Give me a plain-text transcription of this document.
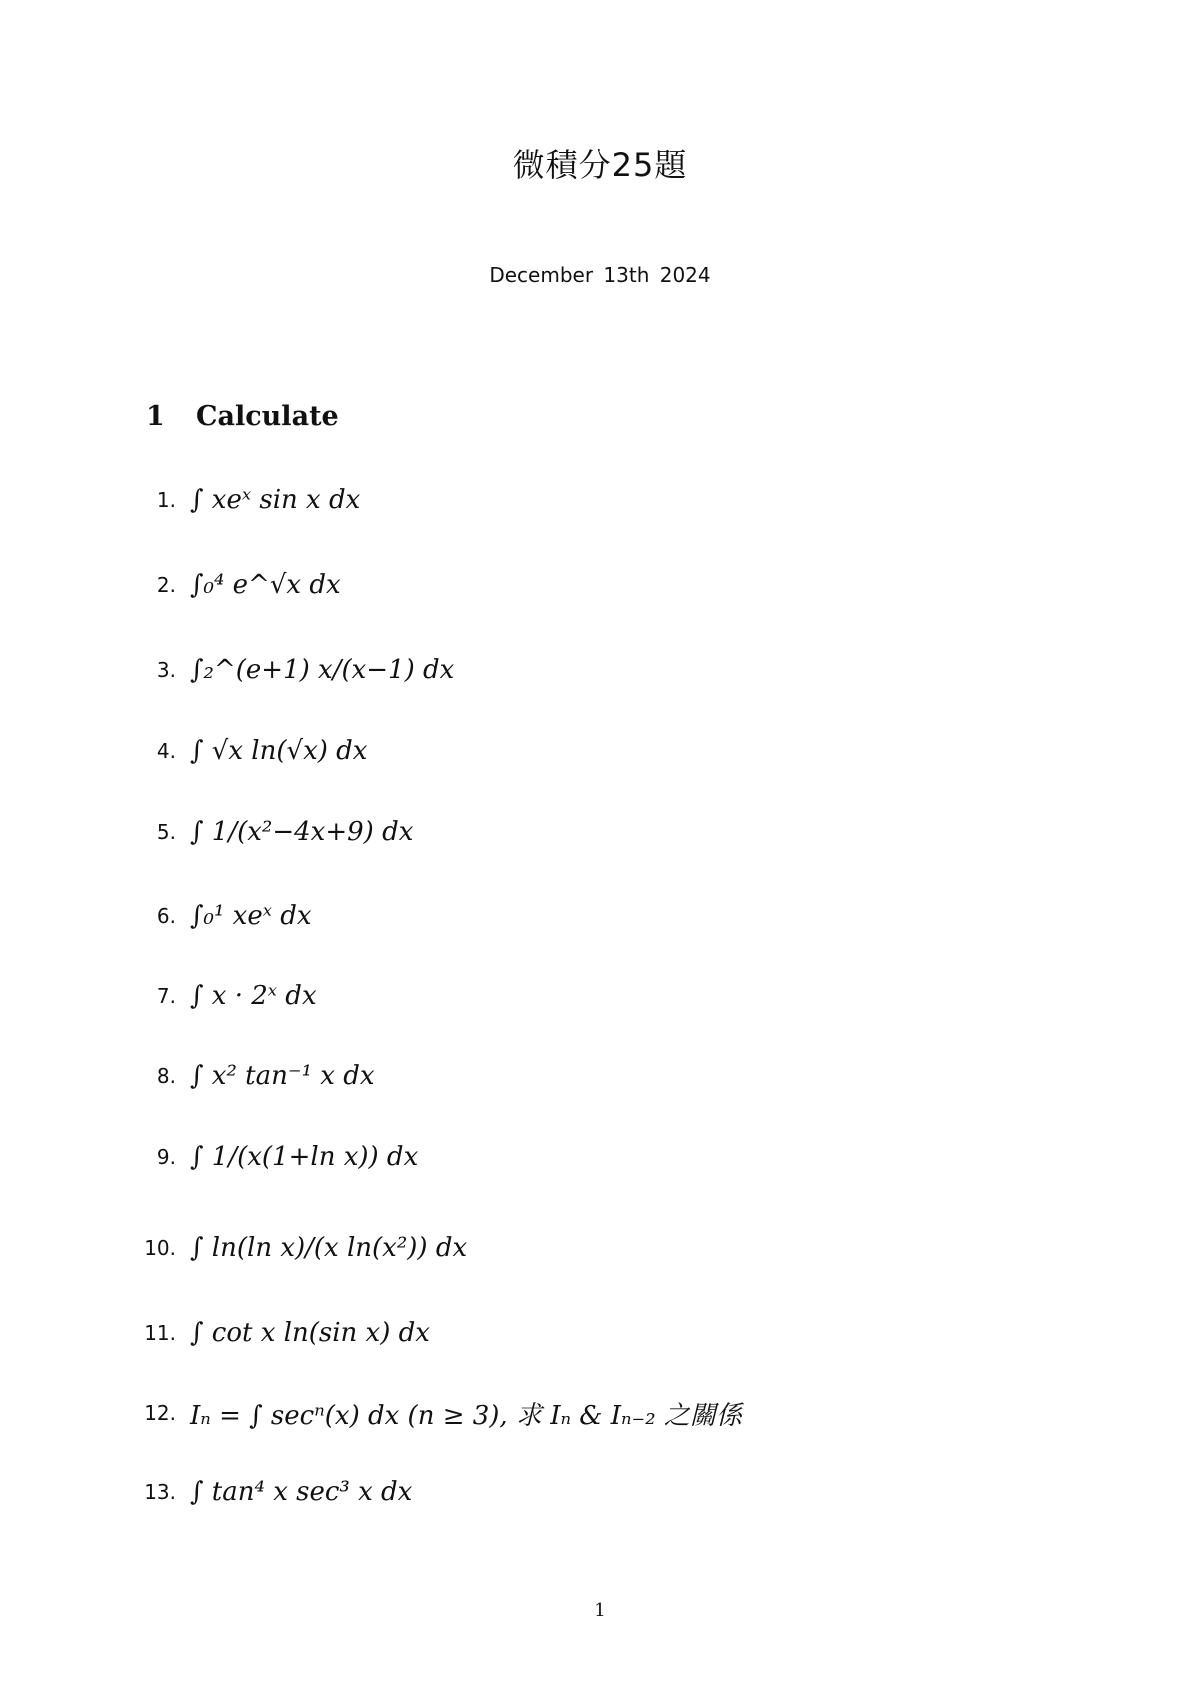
微積分25題
December 13th 2024
1 Calculate
1. ∫ xeˣ sin x dx
2. ∫₀⁴ e^√x dx
3. ∫₂^(e+1) x/(x−1) dx
4. ∫ √x ln(√x) dx
5. ∫ 1/(x²−4x+9) dx
6. ∫₀¹ xeˣ dx
7. ∫ x · 2ˣ dx
8. ∫ x² tan⁻¹ x dx
9. ∫ 1/(x(1+ln x)) dx
10. ∫ ln(ln x)/(x ln(x²)) dx
11. ∫ cot x ln(sin x) dx
12. Iₙ = ∫ secⁿ(x) dx (n ≥ 3), 求 Iₙ & Iₙ₋₂ 之關係
13. ∫ tan⁴ x sec³ x dx
1
